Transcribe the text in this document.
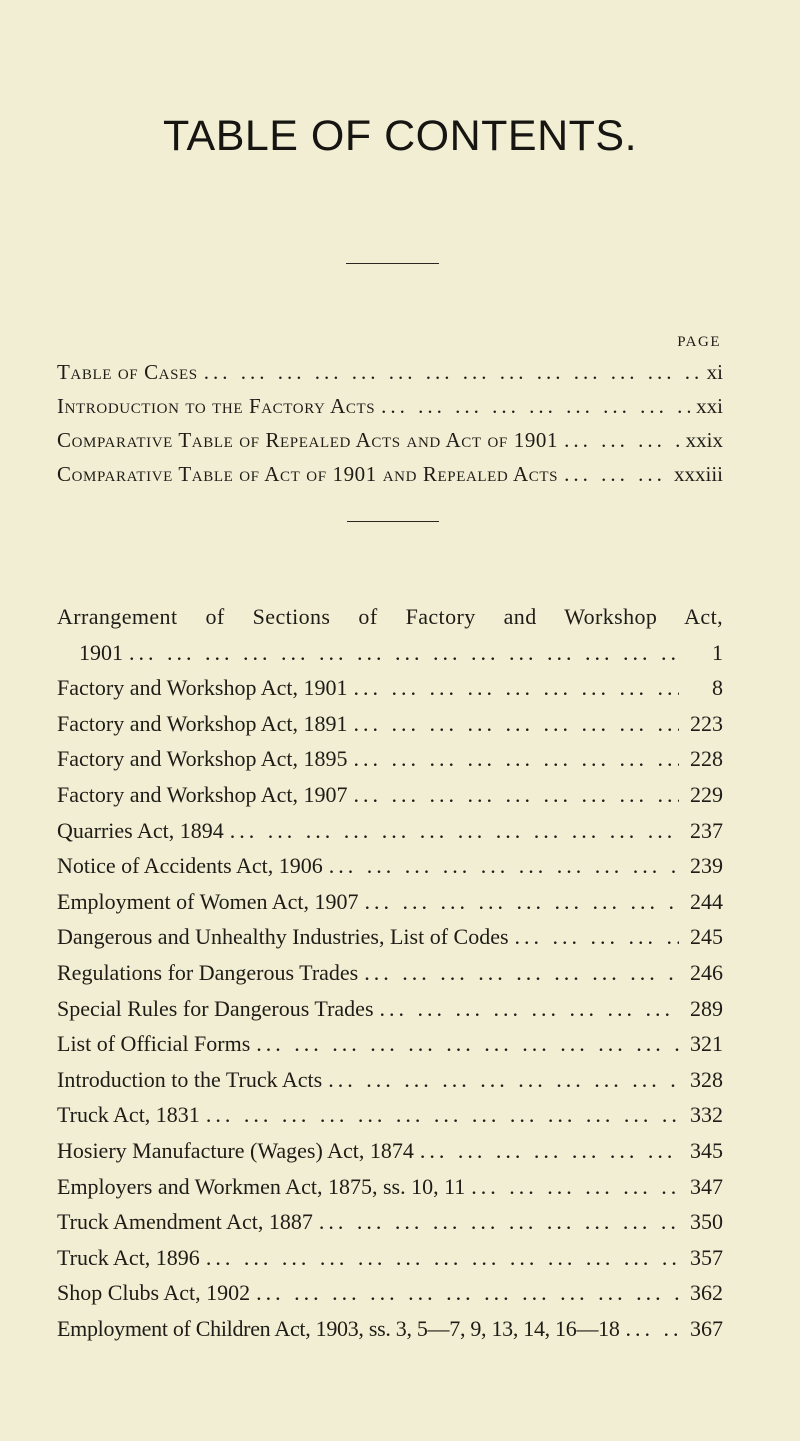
TABLE OF CONTENTS.
PAGE
Table of Cases ... .	xi
Introduction to the Factory Acts ... .	xxi
Comparative Table of Repealed Acts and Act of 1901 ... .	xxix
Comparative Table of Act of 1901 and Repealed Acts ... .	xxxiii
Arrangement of Sections of Factory and Workshop Act,
1901 ... .	1
Factory and Workshop Act, 1901 ... .	8
Factory and Workshop Act, 1891 ... .	223
Factory and Workshop Act, 1895 ... .	228
Factory and Workshop Act, 1907 ... .	229
Quarries Act, 1894 ... .	237
Notice of Accidents Act, 1906 ... .	239
Employment of Women Act, 1907 ... .	244
Dangerous and Unhealthy Industries, List of Codes ... .	245
Regulations for Dangerous Trades ... .	246
Special Rules for Dangerous Trades ... .	289
List of Official Forms ... .	321
Introduction to the Truck Acts ... .	328
Truck Act, 1831 ... .	332
Hosiery Manufacture (Wages) Act, 1874 ... .	345
Employers and Workmen Act, 1875, ss. 10, 11 ... .	347
Truck Amendment Act, 1887 ... .	350
Truck Act, 1896 ... .	357
Shop Clubs Act, 1902 ... .	362
Employment of Children Act, 1903, ss. 3, 5—7, 9, 13, 14, 16—18 ... .	367
